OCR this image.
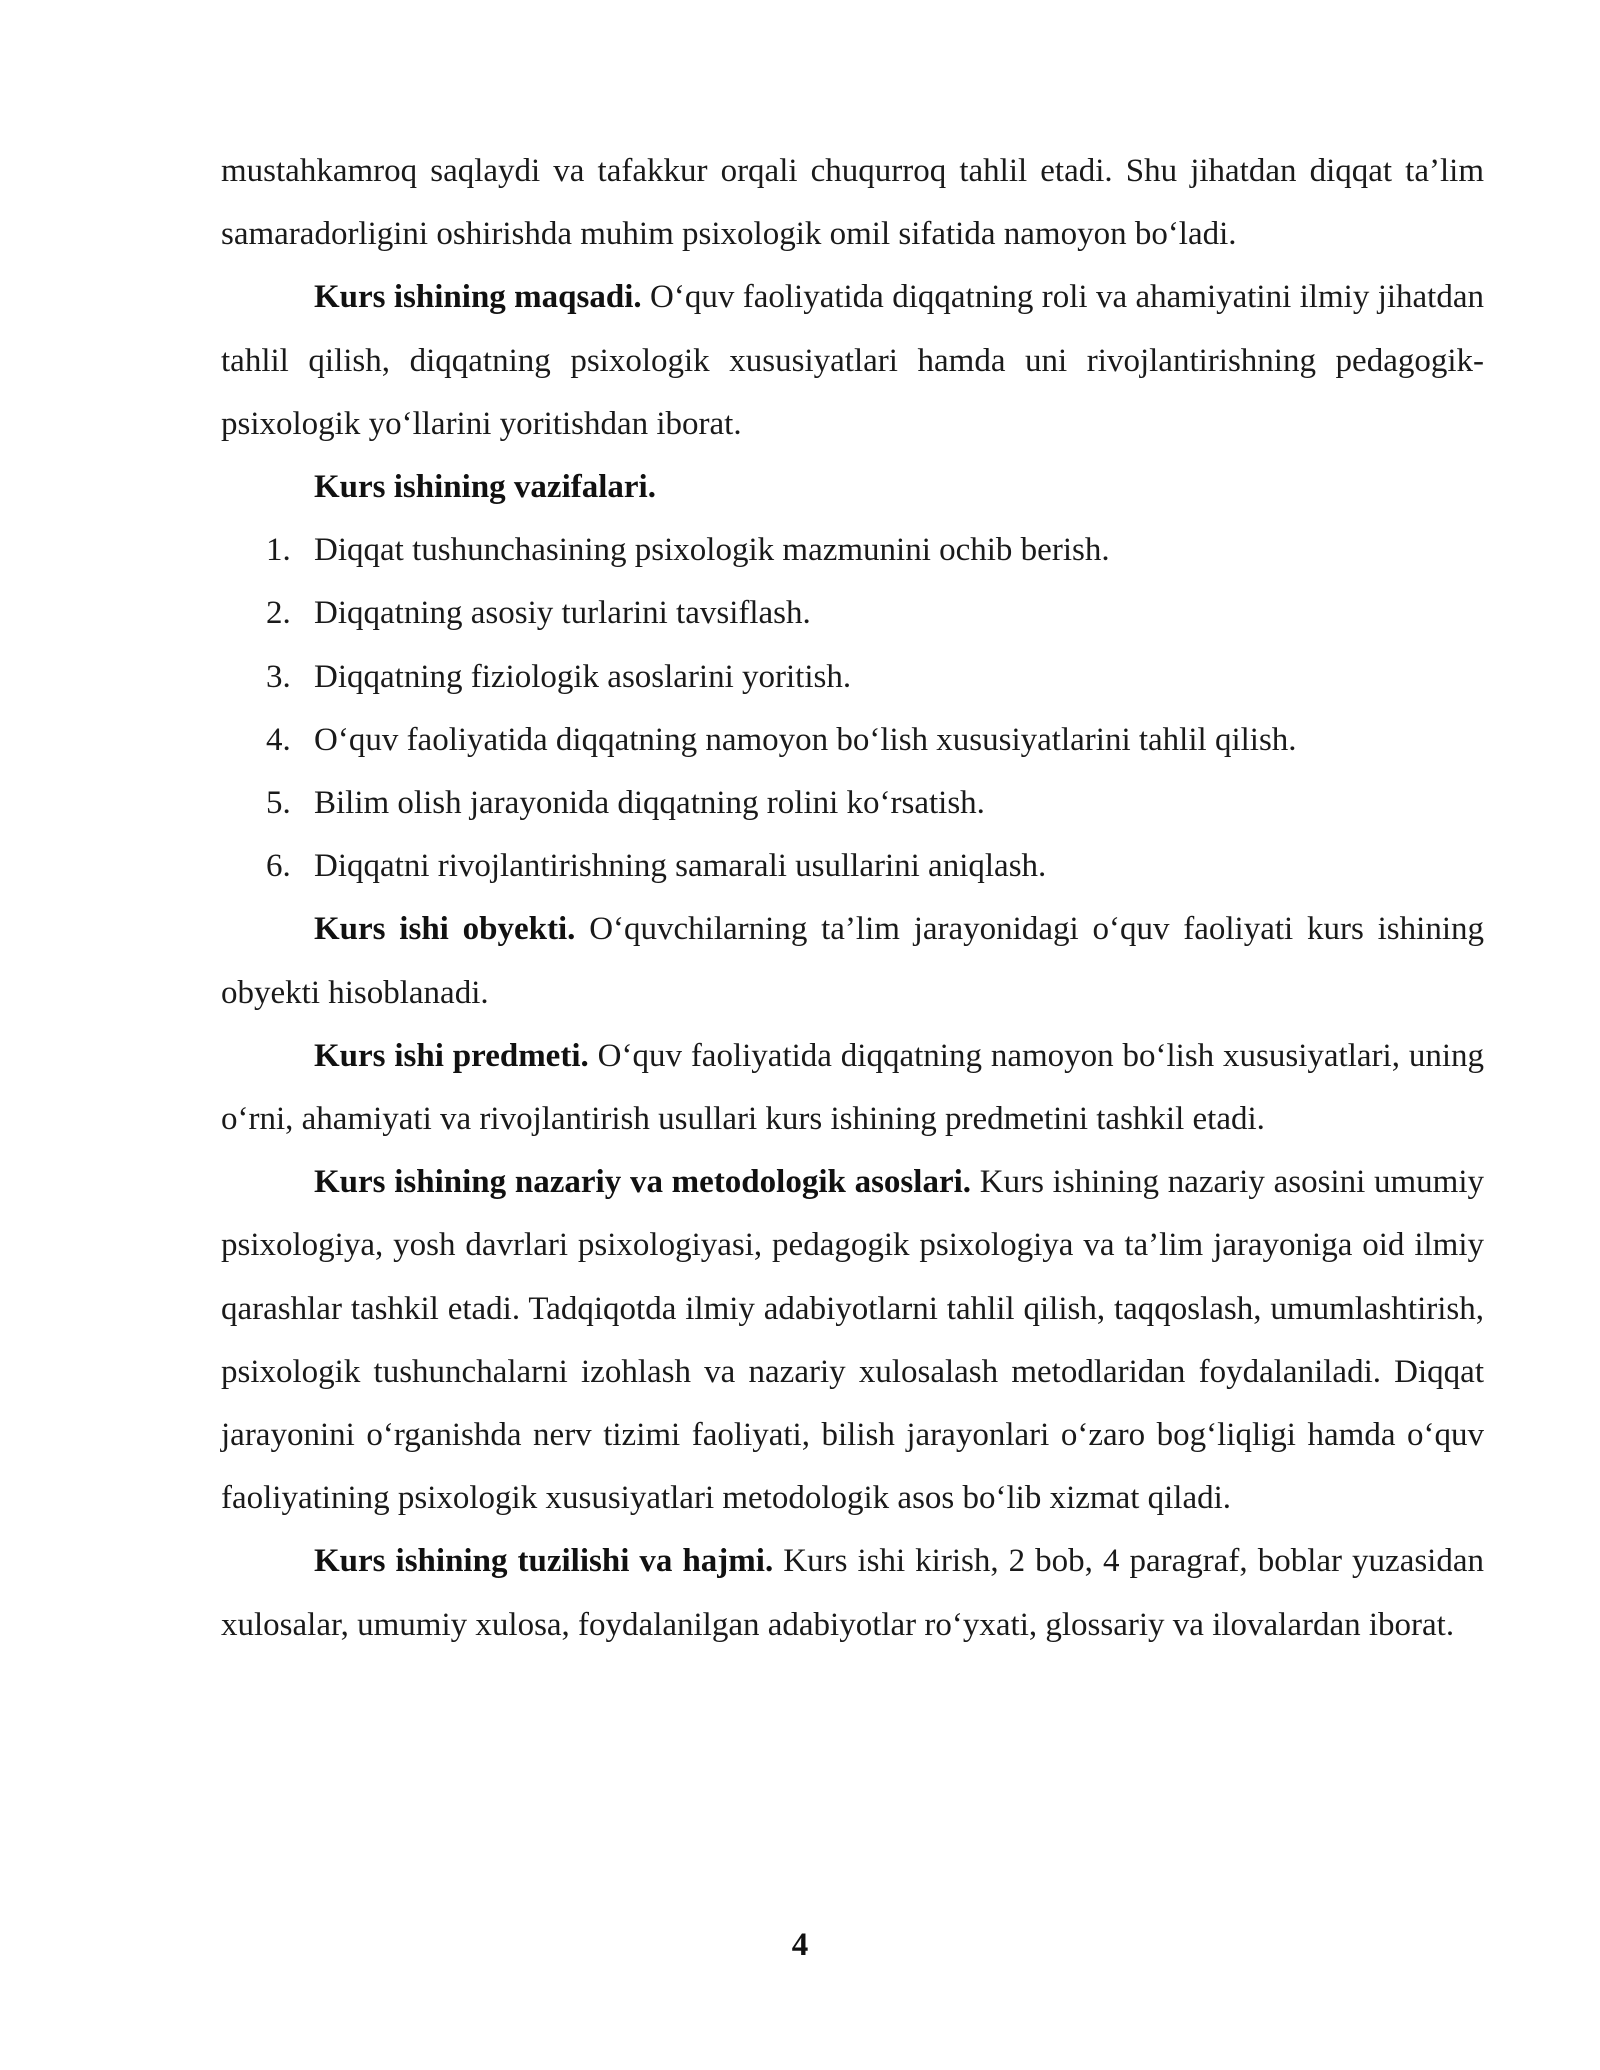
mustahkamroq saqlaydi va tafakkur orqali chuqurroq tahlil etadi. Shu jihatdan diqqat ta’lim samaradorligini oshirishda muhim psixologik omil sifatida namoyon bo‘ladi.

Kurs ishining maqsadi. O‘quv faoliyatida diqqatning roli va ahamiyatini ilmiy jihatdan tahlil qilish, diqqatning psixologik xususiyatlari hamda uni rivojlantirishning pedagogik-psixologik yo‘llarini yoritishdan iborat.

Kurs ishining vazifalari.

1. Diqqat tushunchasining psixologik mazmunini ochib berish.
2. Diqqatning asosiy turlarini tavsiflash.
3. Diqqatning fiziologik asoslarini yoritish.
4. O‘quv faoliyatida diqqatning namoyon bo‘lish xususiyatlarini tahlil qilish.
5. Bilim olish jarayonida diqqatning rolini ko‘rsatish.
6. Diqqatni rivojlantirishning samarali usullarini aniqlash.

Kurs ishi obyekti. O‘quvchilarning ta’lim jarayonidagi o‘quv faoliyati kurs ishining obyekti hisoblanadi.

Kurs ishi predmeti. O‘quv faoliyatida diqqatning namoyon bo‘lish xususiyatlari, uning o‘rni, ahamiyati va rivojlantirish usullari kurs ishining predmetini tashkil etadi.

Kurs ishining nazariy va metodologik asoslari. Kurs ishining nazariy asosini umumiy psixologiya, yosh davrlari psixologiyasi, pedagogik psixologiya va ta’lim jarayoniga oid ilmiy qarashlar tashkil etadi. Tadqiqotda ilmiy adabiyotlarni tahlil qilish, taqqoslash, umumlashtirish, psixologik tushunchalarni izohlash va nazariy xulosalash metodlaridan foydalaniladi. Diqqat jarayonini o‘rganishda nerv tizimi faoliyati, bilish jarayonlari o‘zaro bog‘liqligi hamda o‘quv faoliyatining psixologik xususiyatlari metodologik asos bo‘lib xizmat qiladi.

Kurs ishining tuzilishi va hajmi. Kurs ishi kirish, 2 bob, 4 paragraf, boblar yuzasidan xulosalar, umumiy xulosa, foydalanilgan adabiyotlar ro‘yxati, glossariy va ilovalardan iborat.

4
